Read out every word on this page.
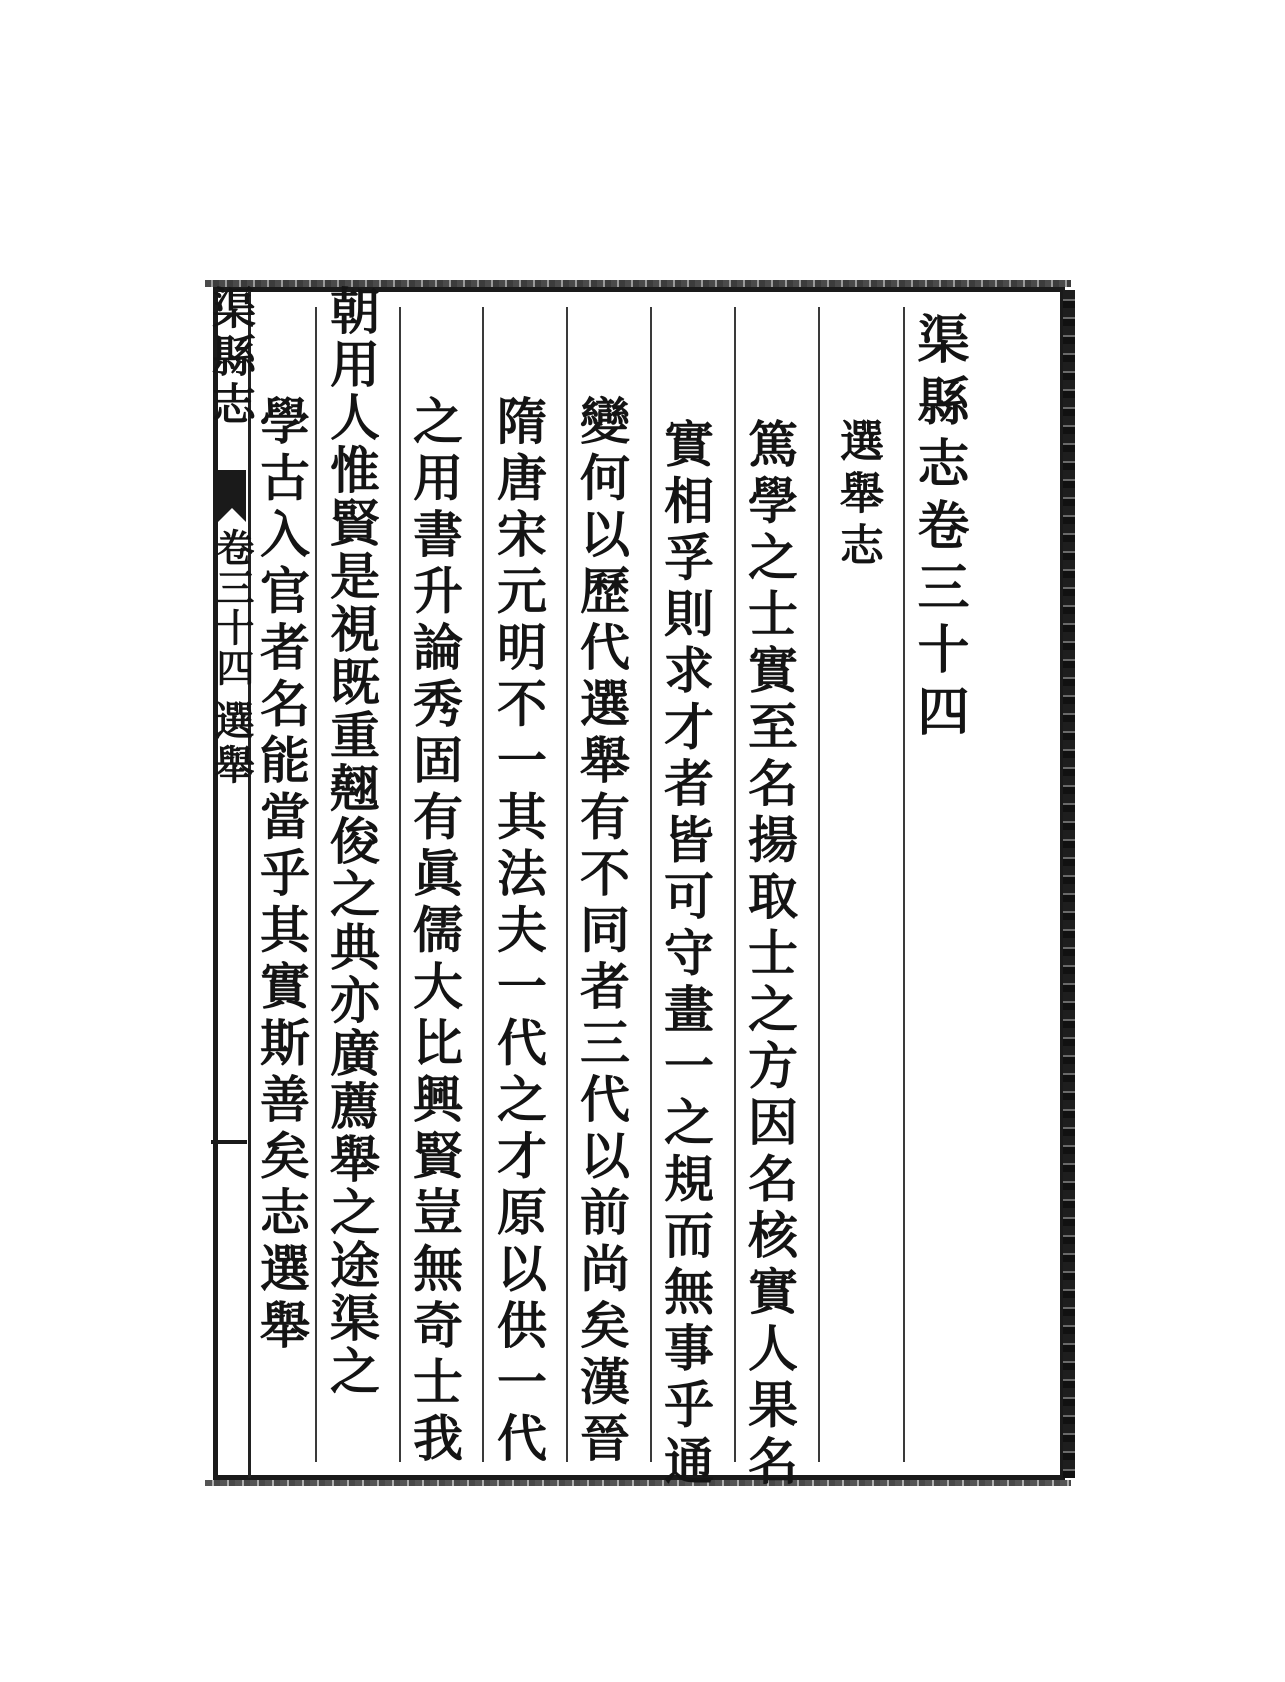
渠縣志卷三十四
選舉志
篤學之士實至名揚取士之方因名核實人果名
實相孚則求才者皆可守畫一之規而無事乎通
變何以歷代選舉有不同者三代以前尚矣漢晉
隋唐宋元明不一其法夫一代之才原以供一代
之用書升論秀固有眞儒大比興賢豈無奇士我
朝用人惟賢是視既重翹俊之典亦廣薦舉之途渠之
學古入官者名能當乎其實斯善矣志選舉
渠縣志
卷三十四
選舉
